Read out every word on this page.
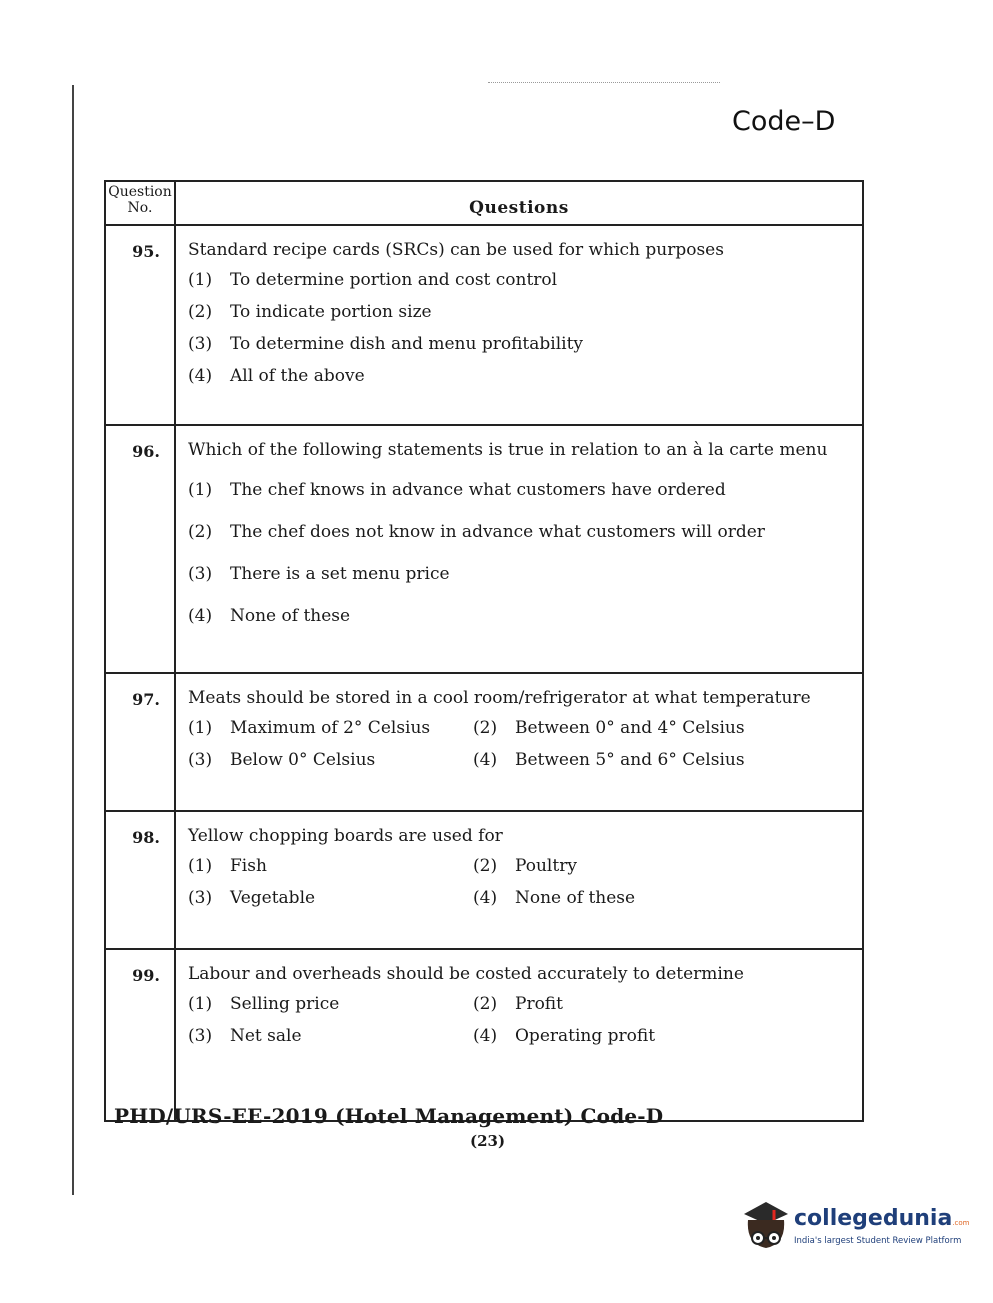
Code–D
Question No.	Questions
95.	Standard recipe cards (SRCs) can be used for which purposes
(1) To determine portion and cost control
(2) To indicate portion size
(3) To determine dish and menu profitability
(4) All of the above
96.	Which of the following statements is true in relation to an à la carte menu
(1) The chef knows in advance what customers have ordered
(2) The chef does not know in advance what customers will order
(3) There is a set menu price
(4) None of these
97.	Meats should be stored in a cool room/refrigerator at what temperature
(1) Maximum of 2° Celsius	(2) Between 0° and 4° Celsius
(3) Below 0° Celsius	(4) Between 5° and 6° Celsius
98.	Yellow chopping boards are used for
(1) Fish	(2) Poultry
(3) Vegetable	(4) None of these
99.	Labour and overheads should be costed accurately to determine
(1) Selling price	(2) Profit
(3) Net sale	(4) Operating profit
PHD/URS-EE-2019 (Hotel Management) Code-D
(23)
collegedunia.com
India's largest Student Review Platform
